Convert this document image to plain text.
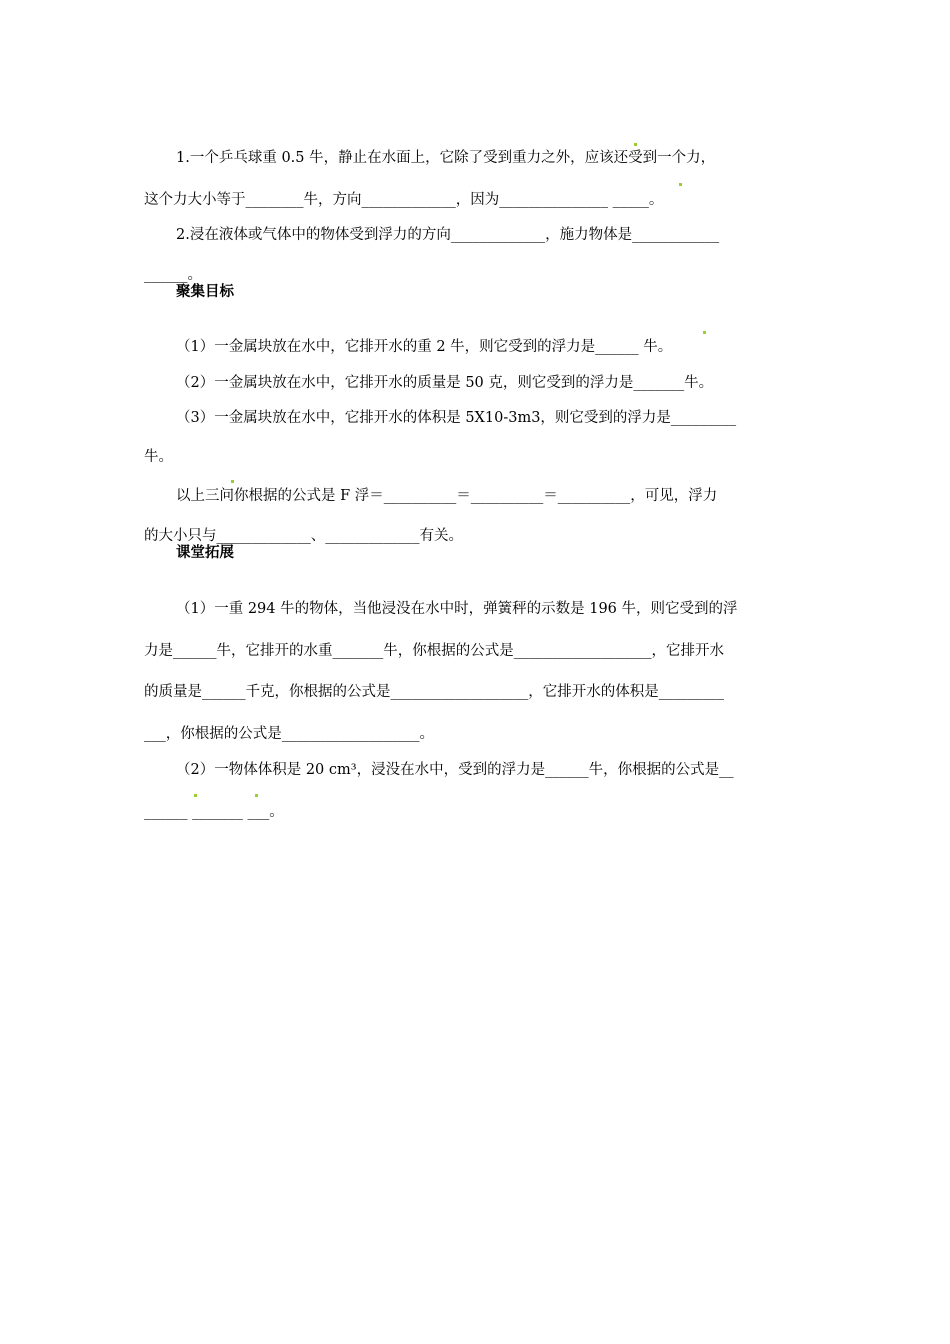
1.一个乒乓球重 0.5 牛，静止在水面上，它除了受到重力之外，应该还受到一个力，

这个力大小等于________牛，方向_____________，因为_______________ _____。

2.浸在液体或气体中的物体受到浮力的方向_____________，施力物体是____________

______。

聚集目标

（1）一金属块放在水中，它排开水的重 2 牛，则它受到的浮力是______ 牛。

（2）一金属块放在水中，它排开水的质量是 50 克，则它受到的浮力是_______牛。

（3）一金属块放在水中，它排开水的体积是 5X10-3m3，则它受到的浮力是_________

牛。

以上三问你根据的公式是 F 浮＝__________＝__________＝__________，可见，浮力

的大小只与_____________、_____________有关。

课堂拓展

（1）一重 294 牛的物体，当他浸没在水中时，弹簧秤的示数是 196 牛，则它受到的浮

力是______牛，它排开的水重_______牛，你根据的公式是___________________，它排开水

的质量是______千克，你根据的公式是___________________，它排开水的体积是_________

___，你根据的公式是___________________。

（2）一物体体积是 20 cm³，浸没在水中，受到的浮力是______牛，你根据的公式是__

______ _______ ___。
